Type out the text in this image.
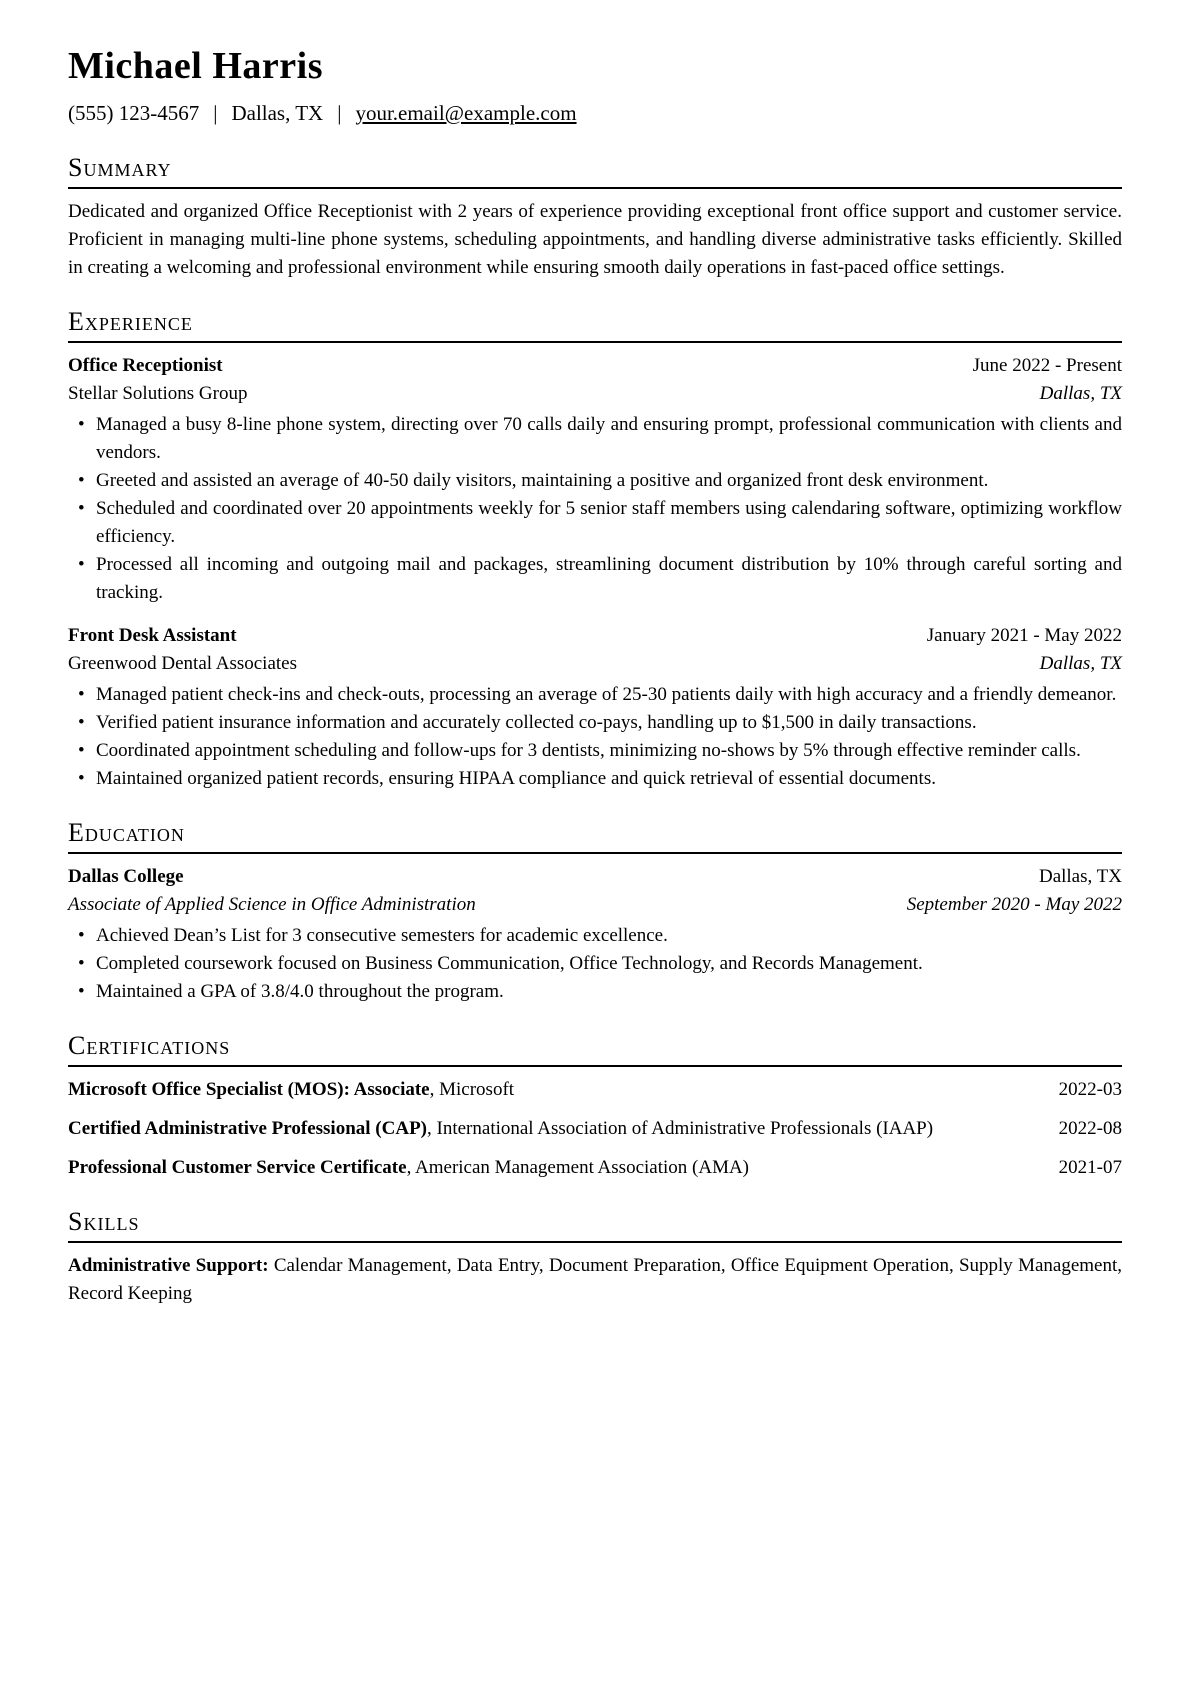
Michael Harris
(555) 123-4567 | Dallas, TX | your.email@example.com
Summary

Dedicated and organized Office Receptionist with 2 years of experience providing exceptional front office support and customer service. Proficient in managing multi-line phone systems, scheduling appointments, and handling diverse administrative tasks efficiently. Skilled in creating a welcoming and professional environment while ensuring smooth daily operations in fast-paced office settings.

Experience
Office Receptionist	June 2022 - Present
Stellar Solutions Group	Dallas, TX
• Managed a busy 8-line phone system, directing over 70 calls daily and ensuring prompt, professional communication with clients and vendors.
• Greeted and assisted an average of 40-50 daily visitors, maintaining a positive and organized front desk environment.
• Scheduled and coordinated over 20 appointments weekly for 5 senior staff members using calendaring software, optimizing workflow efficiency.
• Processed all incoming and outgoing mail and packages, streamlining document distribution by 10% through careful sorting and tracking.
Front Desk Assistant	January 2021 - May 2022
Greenwood Dental Associates	Dallas, TX
• Managed patient check-ins and check-outs, processing an average of 25-30 patients daily with high accuracy and a friendly demeanor.
• Verified patient insurance information and accurately collected co-pays, handling up to $1,500 in daily transactions.
• Coordinated appointment scheduling and follow-ups for 3 dentists, minimizing no-shows by 5% through effective reminder calls.
• Maintained organized patient records, ensuring HIPAA compliance and quick retrieval of essential documents.
Education
Dallas College	Dallas, TX
Associate of Applied Science in Office Administration	September 2020 - May 2022
• Achieved Dean’s List for 3 consecutive semesters for academic excellence.
• Completed coursework focused on Business Communication, Office Technology, and Records Management.
• Maintained a GPA of 3.8/4.0 throughout the program.
Certifications
Microsoft Office Specialist (MOS): Associate, Microsoft	2022-03
Certified Administrative Professional (CAP), International Association of Administrative Professionals (IAAP)	2022-08
Professional Customer Service Certificate, American Management Association (AMA)	2021-07
Skills

Administrative Support: Calendar Management, Data Entry, Document Preparation, Office Equipment Operation, Supply Management, Record Keeping
